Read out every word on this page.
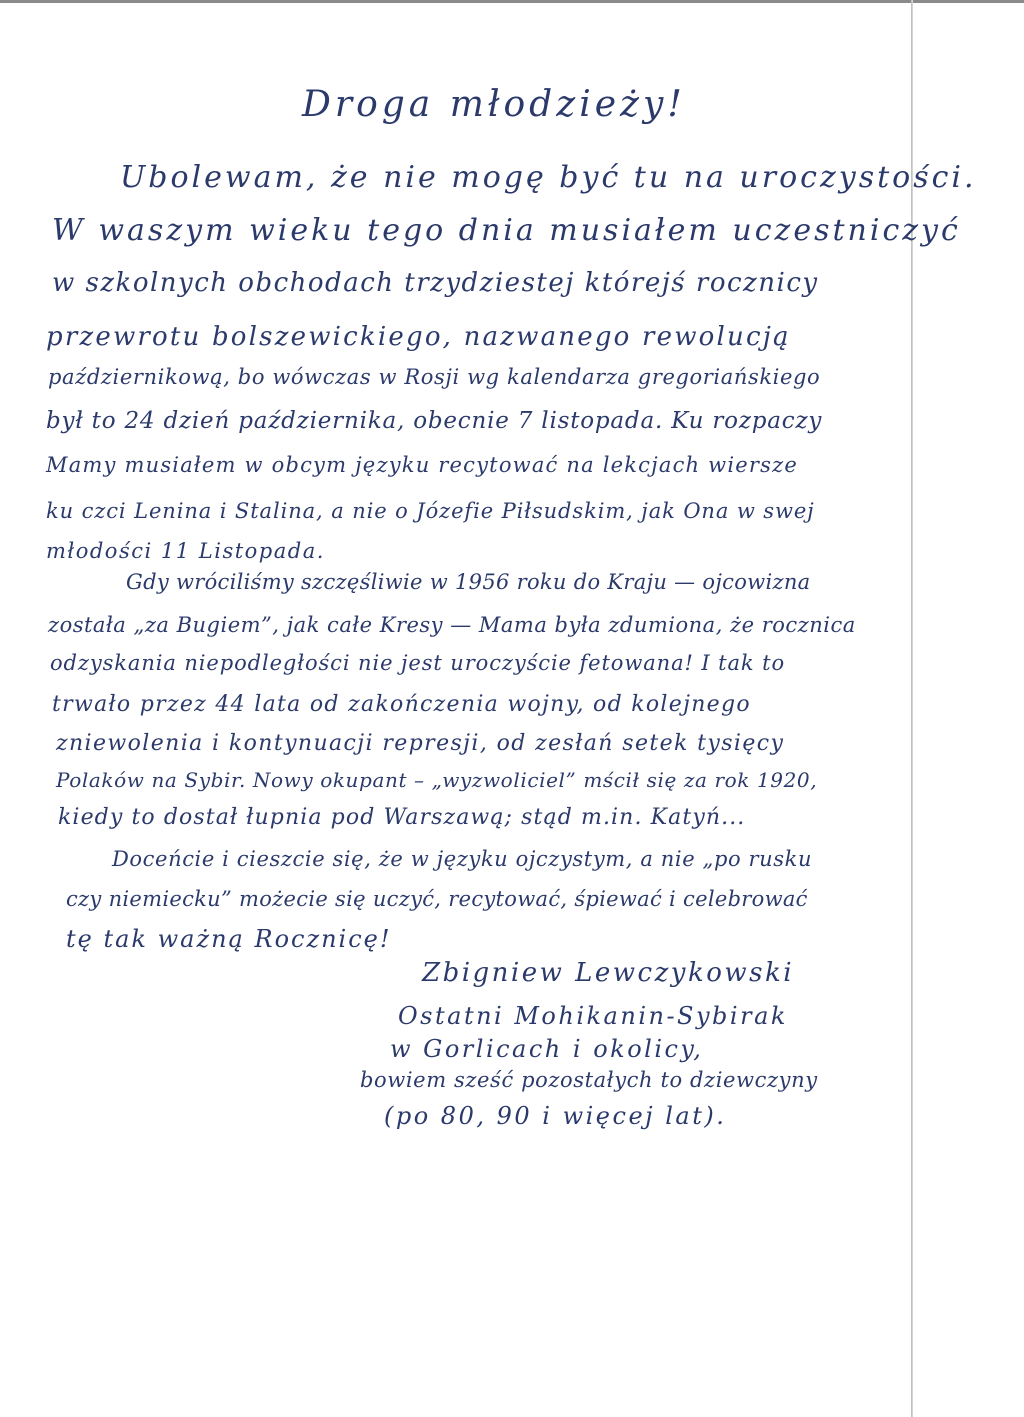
Droga młodzieży!
Ubolewam, że nie mogę być tu na uroczystości.
W waszym wieku tego dnia musiałem uczestniczyć
w szkolnych obchodach trzydziestej którejś rocznicy
przewrotu bolszewickiego, nazwanego rewolucją
październikową, bo wówczas w Rosji wg kalendarza gregoriańskiego
był to 24 dzień października, obecnie 7 listopada. Ku rozpaczy
Mamy musiałem w obcym języku recytować na lekcjach wiersze
ku czci Lenina i Stalina, a nie o Józefie Piłsudskim, jak Ona w swej
młodości 11 Listopada.
Gdy wróciliśmy szczęśliwie w 1956 roku do Kraju — ojcowizna
została „za Bugiem”, jak całe Kresy — Mama była zdumiona, że rocznica
odzyskania niepodległości nie jest uroczyście fetowana! I tak to
trwało przez 44 lata od zakończenia wojny, od kolejnego
zniewolenia i kontynuacji represji, od zesłań setek tysięcy
Polaków na Sybir. Nowy okupant – „wyzwoliciel” mścił się za rok 1920,
kiedy to dostał łupnia pod Warszawą; stąd m.in. Katyń...
Doceńcie i cieszcie się, że w języku ojczystym, a nie „po rusku
czy niemiecku” możecie się uczyć, recytować, śpiewać i celebrować
tę tak ważną Rocznicę!
Zbigniew Lewczykowski
Ostatni Mohikanin-Sybirak
w Gorlicach i okolicy,
bowiem sześć pozostałych to dziewczyny
(po 80, 90 i więcej lat).
